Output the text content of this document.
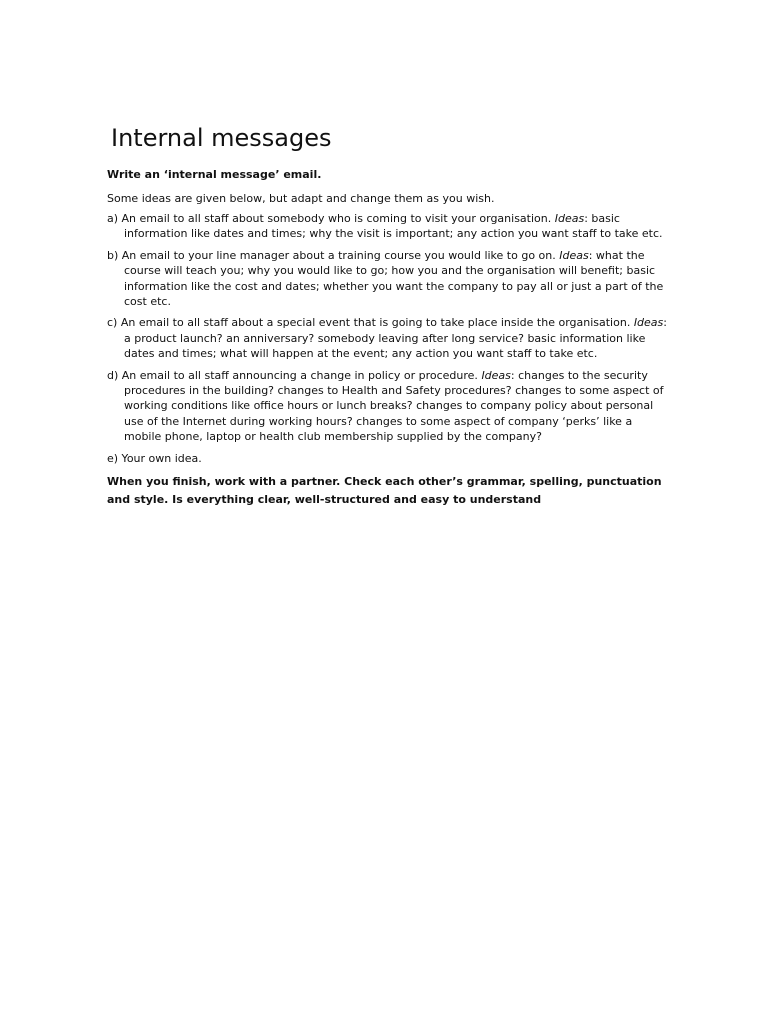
Internal messages

Write an ‘internal message’ email.

Some ideas are given below, but adapt and change them as you wish.

a) An email to all staff about somebody who is coming to visit your organisation. Ideas: basic information like dates and times; why the visit is important; any action you want staff to take etc.
b) An email to your line manager about a training course you would like to go on. Ideas: what the course will teach you; why you would like to go; how you and the organisation will benefit; basic information like the cost and dates; whether you want the company to pay all or just a part of the cost etc.
c) An email to all staff about a special event that is going to take place inside the organisation. Ideas: a product launch? an anniversary? somebody leaving after long service? basic information like dates and times; what will happen at the event; any action you want staff to take etc.
d) An email to all staff announcing a change in policy or procedure. Ideas: changes to the security procedures in the building? changes to Health and Safety procedures? changes to some aspect of working conditions like office hours or lunch breaks? changes to company policy about personal use of the Internet during working hours? changes to some aspect of company ‘perks’ like a mobile phone, laptop or health club membership supplied by the company?
e) Your own idea.

When you finish, work with a partner. Check each other’s grammar, spelling, punctuation and style. Is everything clear, well-structured and easy to understand
